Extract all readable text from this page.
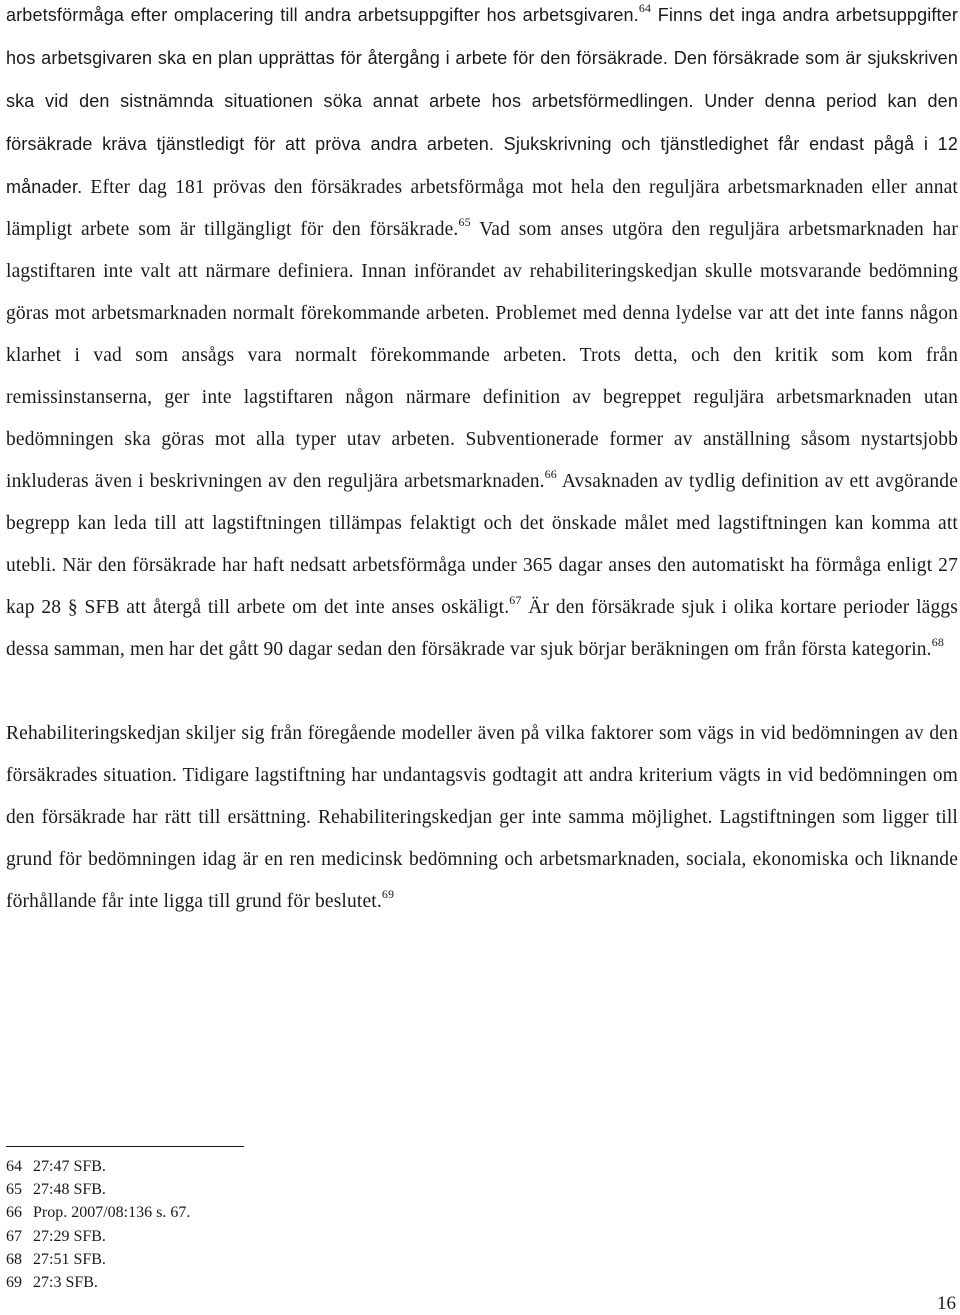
arbetsförmåga efter omplacering till andra arbetsuppgifter hos arbetsgivaren.$^{64}$ Finns det inga andra arbetsuppgifter hos arbetsgivaren ska en plan upprättas för återgång i arbete för den försäkrade. Den försäkrade som är sjukskriven ska vid den sistnämnda situationen söka annat arbete hos arbetsförmedlingen. Under denna period kan den försäkrade kräva tjänstledigt för att pröva andra arbeten. Sjukskrivning och tjänstledighet får endast pågå i 12 månader. Efter dag 181 prövas den försäkrades arbetsförmåga mot hela den reguljära arbetsmarknaden eller annat lämpligt arbete som är tillgängligt för den försäkrade.$^{65}$ Vad som anses utgöra den reguljära arbetsmarknaden har lagstiftaren inte valt att närmare definiera. Innan införandet av rehabiliteringskedjan skulle motsvarande bedömning göras mot arbetsmarknaden normalt förekommande arbeten. Problemet med denna lydelse var att det inte fanns någon klarhet i vad som ansågs vara normalt förekommande arbeten. Trots detta, och den kritik som kom från remissinstanserna, ger inte lagstiftaren någon närmare definition av begreppet reguljära arbetsmarknaden utan bedömningen ska göras mot alla typer utav arbeten. Subventionerade former av anställning såsom nystartsjobb inkluderas även i beskrivningen av den reguljära arbetsmarknaden.$^{66}$ Avsaknaden av tydlig definition av ett avgörande begrepp kan leda till att lagstiftningen tillämpas felaktigt och det önskade målet med lagstiftningen kan komma att utebli. När den försäkrade har haft nedsatt arbetsförmåga under 365 dagar anses den automatiskt ha förmåga enligt 27 kap 28 § SFB att återgå till arbete om det inte anses oskäligt.$^{67}$ Är den försäkrade sjuk i olika kortare perioder läggs dessa samman, men har det gått 90 dagar sedan den försäkrade var sjuk börjar beräkningen om från första kategorin.$^{68}$

Rehabiliteringskedjan skiljer sig från föregående modeller även på vilka faktorer som vägs in vid bedömningen av den försäkrades situation. Tidigare lagstiftning har undantagsvis godtagit att andra kriterium vägts in vid bedömningen om den försäkrade har rätt till ersättning. Rehabiliteringskedjan ger inte samma möjlighet. Lagstiftningen som ligger till grund för bedömningen idag är en ren medicinsk bedömning och arbetsmarknaden, sociala, ekonomiska och liknande förhållande får inte ligga till grund för beslutet.$^{69}$

64 27:47 SFB.
65 27:48 SFB.
66 Prop. 2007/08:136 s. 67.
67 27:29 SFB.
68 27:51 SFB.
69 27:3 SFB.
16
